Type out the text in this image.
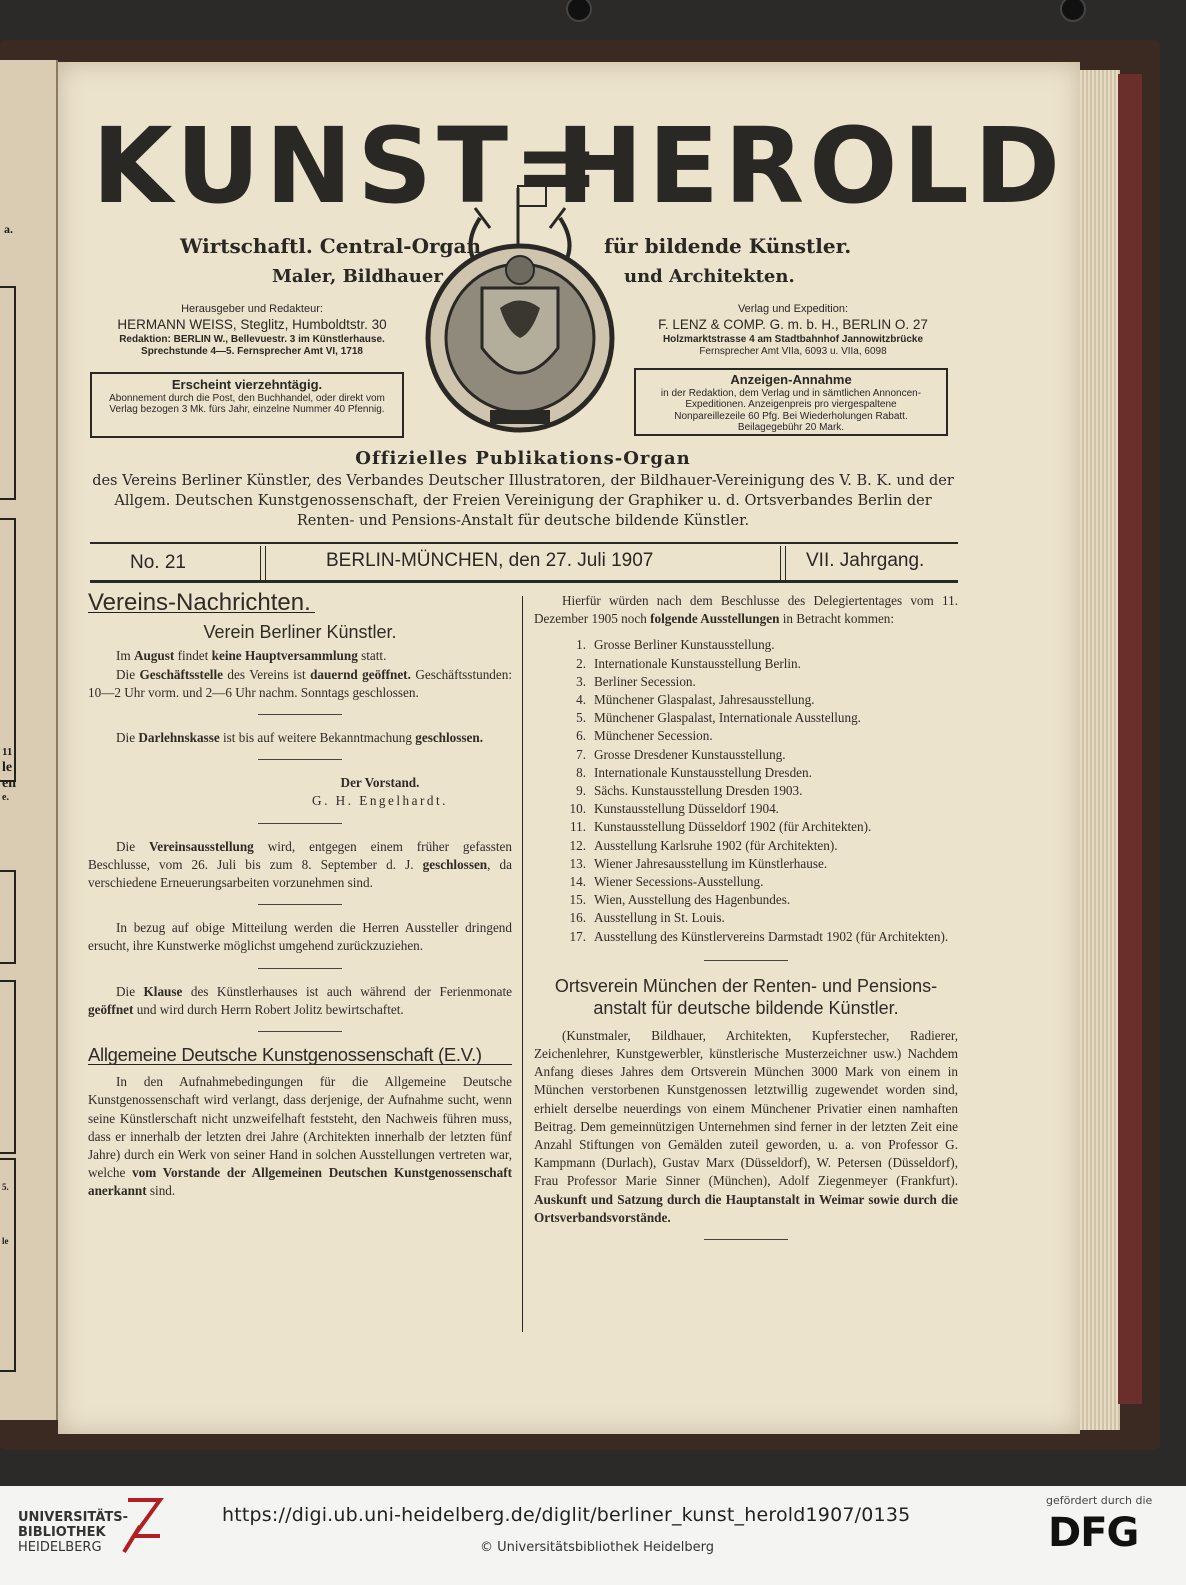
a.
11
le
en
e.
5.
le
KUNST=
HEROLD
Wirtschaftl. Central-Organ
Maler, Bildhauer
für bildende Künstler.
und Architekten.
Herausgeber und Redakteur:
HERMANN WEISS, Steglitz, Humboldtstr. 30
Redaktion: BERLIN W., Bellevuestr. 3 im Künstlerhause.
Sprechstunde 4—5. Fernsprecher Amt VI, 1718
Verlag und Expedition:
F. LENZ & COMP. G. m. b. H., BERLIN O. 27
Holzmarktstrasse 4 am Stadtbahnhof Jannowitzbrücke
Fernsprecher Amt VIIa, 6093 u. VIIa, 6098
Erscheint vierzehntägig.
Abonnement durch die Post, den Buchhandel, oder direkt vom Verlag bezogen 3 Mk. fürs Jahr, einzelne Nummer 40 Pfennig.
Anzeigen-Annahme
in der Redaktion, dem Verlag und in sämtlichen Annoncen-Expeditionen. Anzeigenpreis pro viergespaltene Nonpareillezeile 60 Pfg. Bei Wiederholungen Rabatt. Beilagegebühr 20 Mark.
Offizielles Publikations-Organ
des Vereins Berliner Künstler, des Verbandes Deutscher Illustratoren, der Bildhauer-Vereinigung des V. B. K. und der Allgem. Deutschen Kunstgenossenschaft, der Freien Vereinigung der Graphiker u. d. Ortsverbandes Berlin der Renten- und Pensions-Anstalt für deutsche bildende Künstler.
No. 21	BERLIN-MÜNCHEN, den 27. Juli 1907	VII. Jahrgang.
Vereins-Nachrichten.
Verein Berliner Künstler.

Im August findet keine Hauptversammlung statt.

Die Geschäftsstelle des Vereins ist dauernd geöffnet. Geschäftsstunden: 10—2 Uhr vorm. und 2—6 Uhr nachm. Sonntags geschlossen.

Die Darlehnskasse ist bis auf weitere Bekanntmachung geschlossen.

Der Vorstand.
G. H. Engelhardt.

Die Vereinsausstellung wird, entgegen einem früher gefassten Beschlusse, vom 26. Juli bis zum 8. September d. J. geschlossen, da verschiedene Erneuerungsarbeiten vorzunehmen sind.

In bezug auf obige Mitteilung werden die Herren Aussteller dringend ersucht, ihre Kunstwerke möglichst umgehend zurückzuziehen.

Die Klause des Künstlerhauses ist auch während der Ferienmonate geöffnet und wird durch Herrn Robert Jolitz bewirtschaftet.

Allgemeine Deutsche Kunstgenossenschaft (E.V.)

In den Aufnahmebedingungen für die Allgemeine Deutsche Kunstgenossenschaft wird verlangt, dass derjenige, der Aufnahme sucht, wenn seine Künstlerschaft nicht unzweifelhaft feststeht, den Nachweis führen muss, dass er innerhalb der letzten drei Jahre (Architekten innerhalb der letzten fünf Jahre) durch ein Werk von seiner Hand in solchen Ausstellungen vertreten war, welche vom Vorstande der Allgemeinen Deutschen Kunstgenossenschaft anerkannt sind.

Hierfür würden nach dem Beschlusse des Delegiertentages vom 11. Dezember 1905 noch folgende Ausstellungen in Betracht kommen:

1. Grosse Berliner Kunstausstellung.
2. Internationale Kunstausstellung Berlin.
3. Berliner Secession.
4. Münchener Glaspalast, Jahresausstellung.
5. Münchener Glaspalast, Internationale Ausstellung.
6. Münchener Secession.
7. Grosse Dresdener Kunstausstellung.
8. Internationale Kunstausstellung Dresden.
9. Sächs. Kunstausstellung Dresden 1903.
10. Kunstausstellung Düsseldorf 1904.
11. Kunstausstellung Düsseldorf 1902 (für Architekten).
12. Ausstellung Karlsruhe 1902 (für Architekten).
13. Wiener Jahresausstellung im Künstlerhause.
14. Wiener Secessions-Ausstellung.
15. Wien, Ausstellung des Hagenbundes.
16. Ausstellung in St. Louis.
17. Ausstellung des Künstlervereins Darmstadt 1902 (für Architekten).
Ortsverein München der Renten- und Pensions-anstalt für deutsche bildende Künstler.

(Kunstmaler, Bildhauer, Architekten, Kupferstecher, Radierer, Zeichenlehrer, Kunstgewerbler, künstlerische Musterzeichner usw.) Nachdem Anfang dieses Jahres dem Ortsverein München 3000 Mark von einem in München verstorbenen Kunstgenossen letztwillig zugewendet worden sind, erhielt derselbe neuerdings von einem Münchener Privatier einen namhaften Beitrag. Dem gemeinnützigen Unternehmen sind ferner in der letzten Zeit eine Anzahl Stiftungen von Gemälden zuteil geworden, u. a. von Professor G. Kampmann (Durlach), Gustav Marx (Düsseldorf), W. Petersen (Düsseldorf), Frau Professor Marie Sinner (München), Adolf Ziegenmeyer (Frankfurt). Auskunft und Satzung durch die Hauptanstalt in Weimar sowie durch die Ortsverbandsvorstände.

UNIVERSITÄTS-
BIBLIOTHEK
HEIDELBERG
https://digi.ub.uni-heidelberg.de/diglit/berliner_kunst_herold1907/0135
© Universitätsbibliothek Heidelberg
gefördert durch die
DFG
